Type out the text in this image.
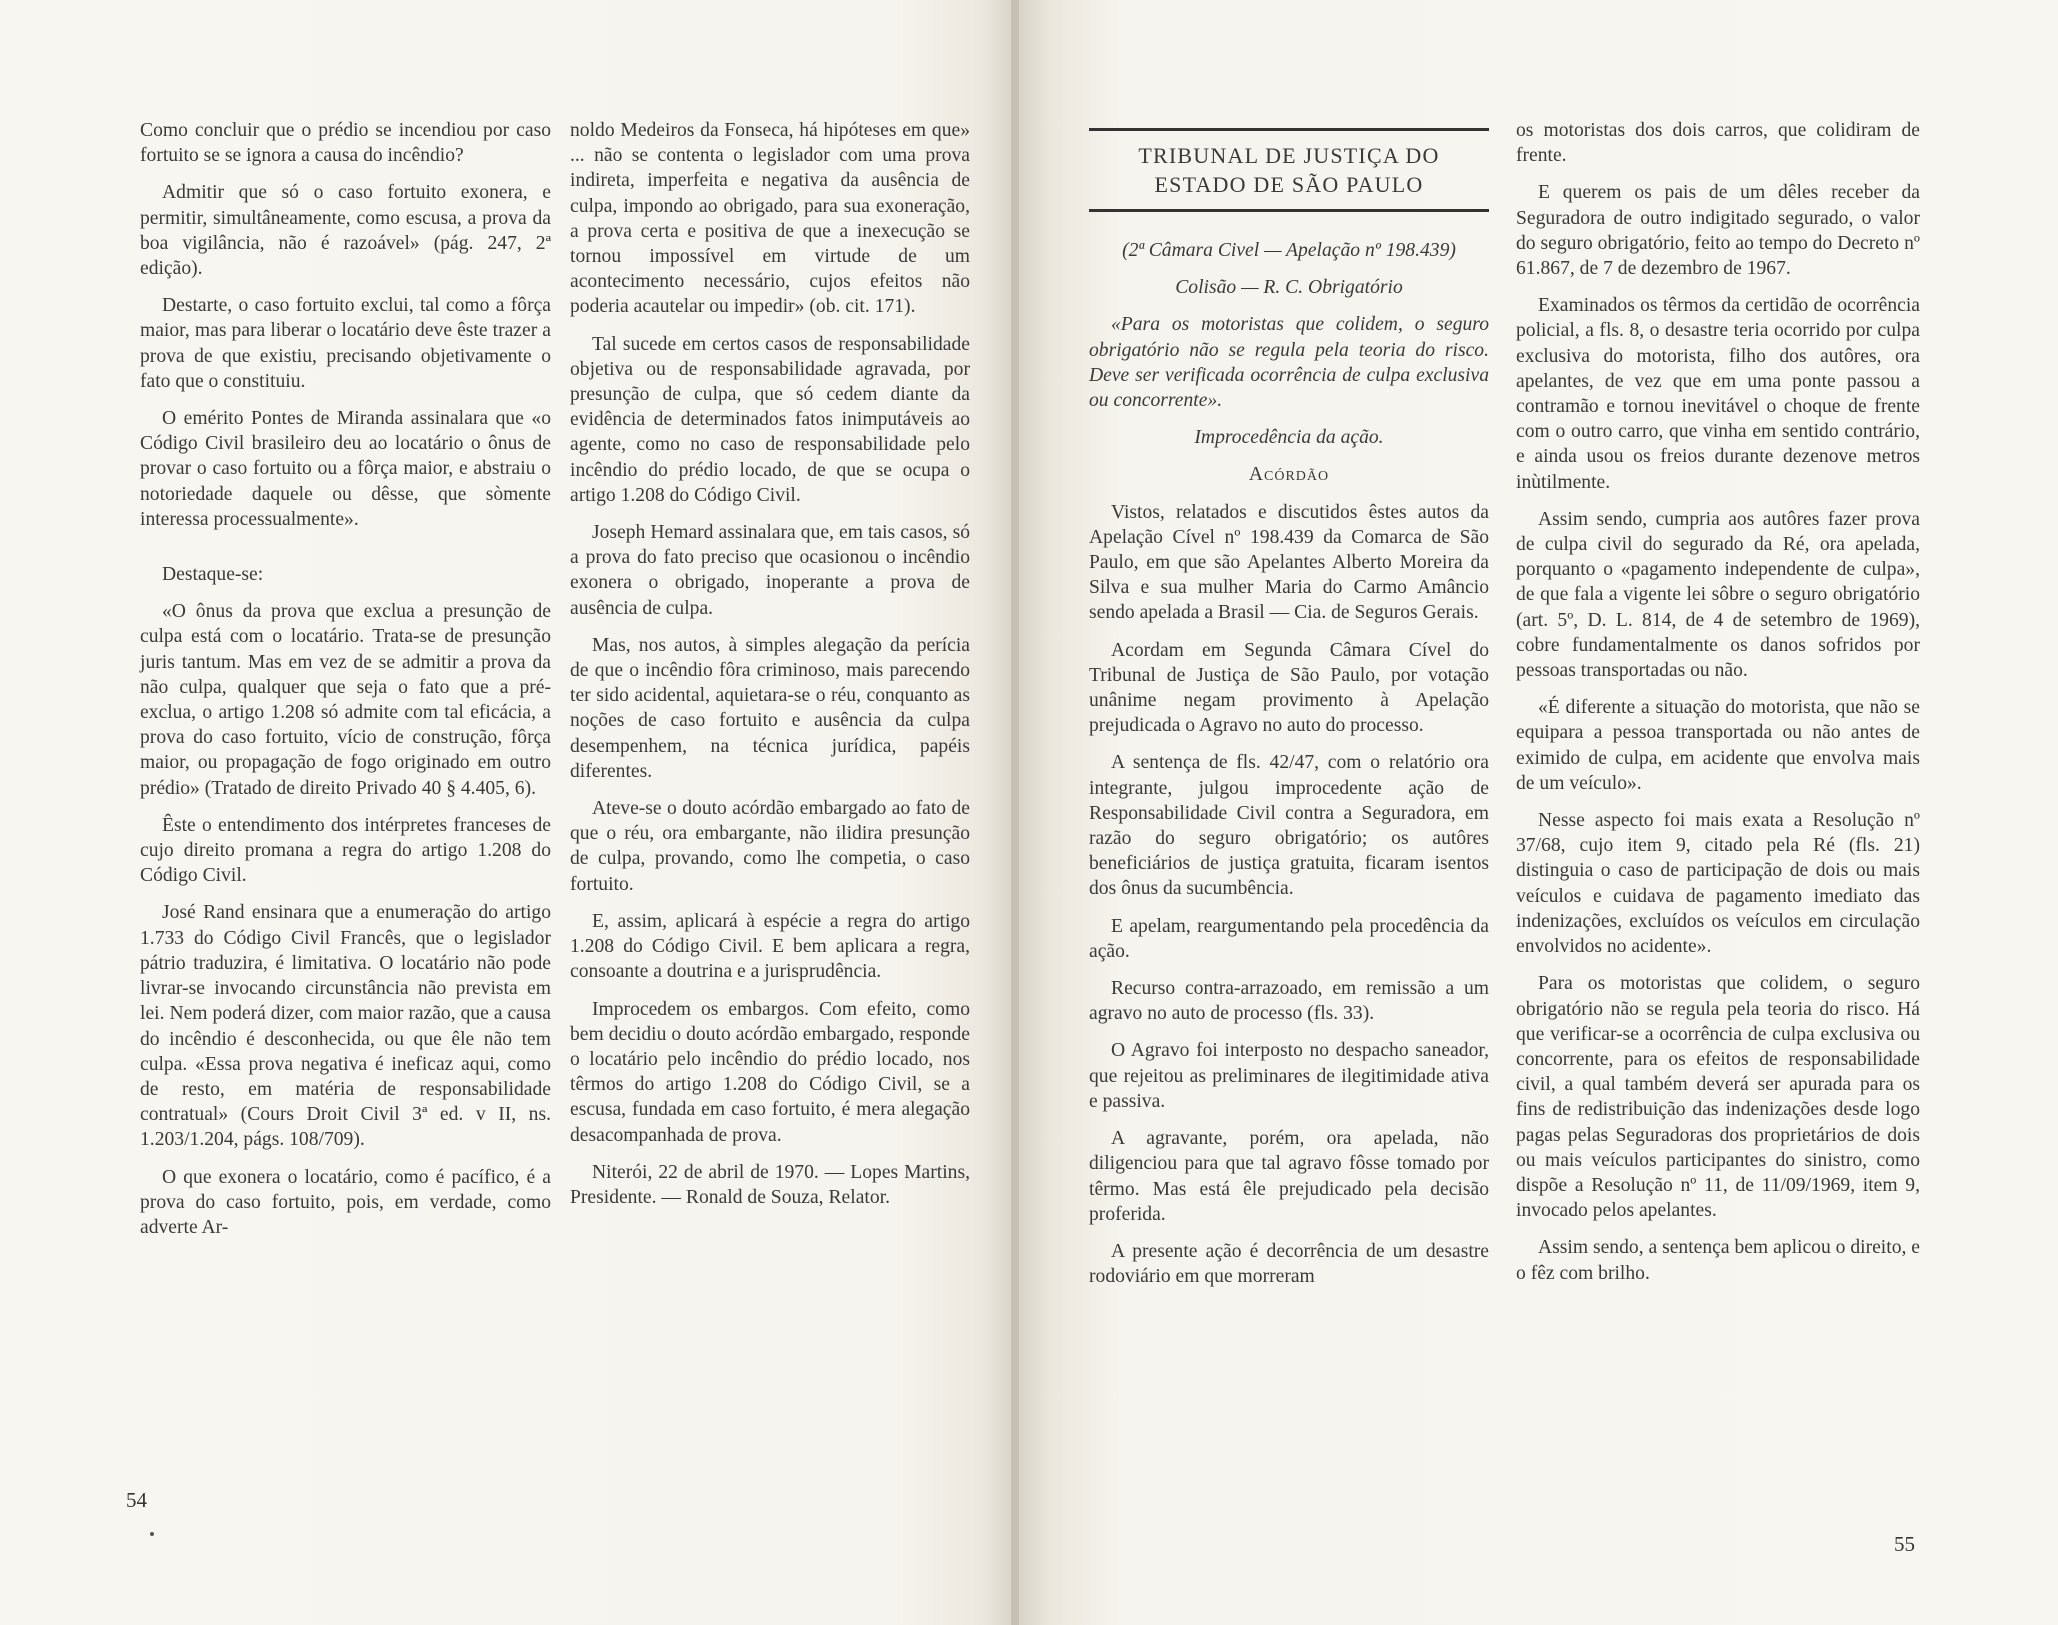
Como concluir que o prédio se incendiou por caso fortuito se se ignora a causa do incêndio?

Admitir que só o caso fortuito exonera, e permitir, simultâneamente, como escusa, a prova da boa vigilância, não é razoável» (pág. 247, 2ª edição).

Destarte, o caso fortuito exclui, tal como a fôrça maior, mas para liberar o locatário deve êste trazer a prova de que existiu, precisando objetivamente o fato que o constituiu.

O emérito Pontes de Miranda assinalara que «o Código Civil brasileiro deu ao locatário o ônus de provar o caso fortuito ou a fôrça maior, e abstraiu o notoriedade daquele ou dêsse, que sòmente interessa processualmente».

Destaque-se:

«O ônus da prova que exclua a presunção de culpa está com o locatário. Trata-se de presunção juris tantum. Mas em vez de se admitir a prova da não culpa, qualquer que seja o fato que a pré-exclua, o artigo 1.208 só admite com tal eficácia, a prova do caso fortuito, vício de construção, fôrça maior, ou propagação de fogo originado em outro prédio» (Tratado de direito Privado 40 § 4.405, 6).

Êste o entendimento dos intérpretes franceses de cujo direito promana a regra do artigo 1.208 do Código Civil.

José Rand ensinara que a enumeração do artigo 1.733 do Código Civil Francês, que o legislador pátrio traduzira, é limitativa. O locatário não pode livrar-se invocando circunstância não prevista em lei. Nem poderá dizer, com maior razão, que a causa do incêndio é desconhecida, ou que êle não tem culpa. «Essa prova negativa é ineficaz aqui, como de resto, em matéria de responsabilidade contratual» (Cours Droit Civil 3ª ed. v II, ns. 1.203/1.204, págs. 108/709).

O que exonera o locatário, como é pacífico, é a prova do caso fortuito, pois, em verdade, como adverte Ar-

noldo Medeiros da Fonseca, há hipóteses em que» ... não se contenta o legislador com uma prova indireta, imperfeita e negativa da ausência de culpa, impondo ao obrigado, para sua exoneração, a prova certa e positiva de que a inexecução se tornou impossível em virtude de um acontecimento necessário, cujos efeitos não poderia acautelar ou impedir» (ob. cit. 171).

Tal sucede em certos casos de responsabilidade objetiva ou de responsabilidade agravada, por presunção de culpa, que só cedem diante da evidência de determinados fatos inimputáveis ao agente, como no caso de responsabilidade pelo incêndio do prédio locado, de que se ocupa o artigo 1.208 do Código Civil.

Joseph Hemard assinalara que, em tais casos, só a prova do fato preciso que ocasionou o incêndio exonera o obrigado, inoperante a prova de ausência de culpa.

Mas, nos autos, à simples alegação da perícia de que o incêndio fôra criminoso, mais parecendo ter sido acidental, aquietara-se o réu, conquanto as noções de caso fortuito e ausência da culpa desempenhem, na técnica jurídica, papéis diferentes.

Ateve-se o douto acórdão embargado ao fato de que o réu, ora embargante, não ilidira presunção de culpa, provando, como lhe competia, o caso fortuito.

E, assim, aplicará à espécie a regra do artigo 1.208 do Código Civil. E bem aplicara a regra, consoante a doutrina e a jurisprudência.

Improcedem os embargos. Com efeito, como bem decidiu o douto acórdão embargado, responde o locatário pelo incêndio do prédio locado, nos têrmos do artigo 1.208 do Código Civil, se a escusa, fundada em caso fortuito, é mera alegação desacompanhada de prova.

Niterói, 22 de abril de 1970. — Lopes Martins, Presidente. — Ronald de Souza, Relator.

54

TRIBUNAL DE JUSTIÇA DO

ESTADO DE SÃO PAULO

(2ª Câmara Civel — Apelação nº 198.439)

Colisão — R. C. Obrigatório

«Para os motoristas que colidem, o seguro obrigatório não se regula pela teoria do risco. Deve ser verificada ocorrência de culpa exclusiva ou concorrente».

Improcedência da ação.

Acórdão

Vistos, relatados e discutidos êstes autos da Apelação Cível nº 198.439 da Comarca de São Paulo, em que são Apelantes Alberto Moreira da Silva e sua mulher Maria do Carmo Amâncio sendo apelada a Brasil — Cia. de Seguros Gerais.

Acordam em Segunda Câmara Cível do Tribunal de Justiça de São Paulo, por votação unânime negam provimento à Apelação prejudicada o Agravo no auto do processo.

A sentença de fls. 42/47, com o relatório ora integrante, julgou improcedente ação de Responsabilidade Civil contra a Seguradora, em razão do seguro obrigatório; os autôres beneficiários de justiça gratuita, ficaram isentos dos ônus da sucumbência.

E apelam, reargumentando pela procedência da ação.

Recurso contra-arrazoado, em remissão a um agravo no auto de processo (fls. 33).

O Agravo foi interposto no despacho saneador, que rejeitou as preliminares de ilegitimidade ativa e passiva.

A agravante, porém, ora apelada, não diligenciou para que tal agravo fôsse tomado por têrmo. Mas está êle prejudicado pela decisão proferida.

A presente ação é decorrência de um desastre rodoviário em que morreram

os motoristas dos dois carros, que colidiram de frente.

E querem os pais de um dêles receber da Seguradora de outro indigitado segurado, o valor do seguro obrigatório, feito ao tempo do Decreto nº 61.867, de 7 de dezembro de 1967.

Examinados os têrmos da certidão de ocorrência policial, a fls. 8, o desastre teria ocorrido por culpa exclusiva do motorista, filho dos autôres, ora apelantes, de vez que em uma ponte passou a contramão e tornou inevitável o choque de frente com o outro carro, que vinha em sentido contrário, e ainda usou os freios durante dezenove metros inùtilmente.

Assim sendo, cumpria aos autôres fazer prova de culpa civil do segurado da Ré, ora apelada, porquanto o «pagamento independente de culpa», de que fala a vigente lei sôbre o seguro obrigatório (art. 5º, D. L. 814, de 4 de setembro de 1969), cobre fundamentalmente os danos sofridos por pessoas transportadas ou não.

«É diferente a situação do motorista, que não se equipara a pessoa transportada ou não antes de eximido de culpa, em acidente que envolva mais de um veículo».

Nesse aspecto foi mais exata a Resolução nº 37/68, cujo item 9, citado pela Ré (fls. 21) distinguia o caso de participação de dois ou mais veículos e cuidava de pagamento imediato das indenizações, excluídos os veículos em circulação envolvidos no acidente».

Para os motoristas que colidem, o seguro obrigatório não se regula pela teoria do risco. Há que verificar-se a ocorrência de culpa exclusiva ou concorrente, para os efeitos de responsabilidade civil, a qual também deverá ser apurada para os fins de redistribuição das indenizações desde logo pagas pelas Seguradoras dos proprietários de dois ou mais veículos participantes do sinistro, como dispõe a Resolução nº 11, de 11/09/1969, item 9, invocado pelos apelantes.

Assim sendo, a sentença bem aplicou o direito, e o fêz com brilho.

55
